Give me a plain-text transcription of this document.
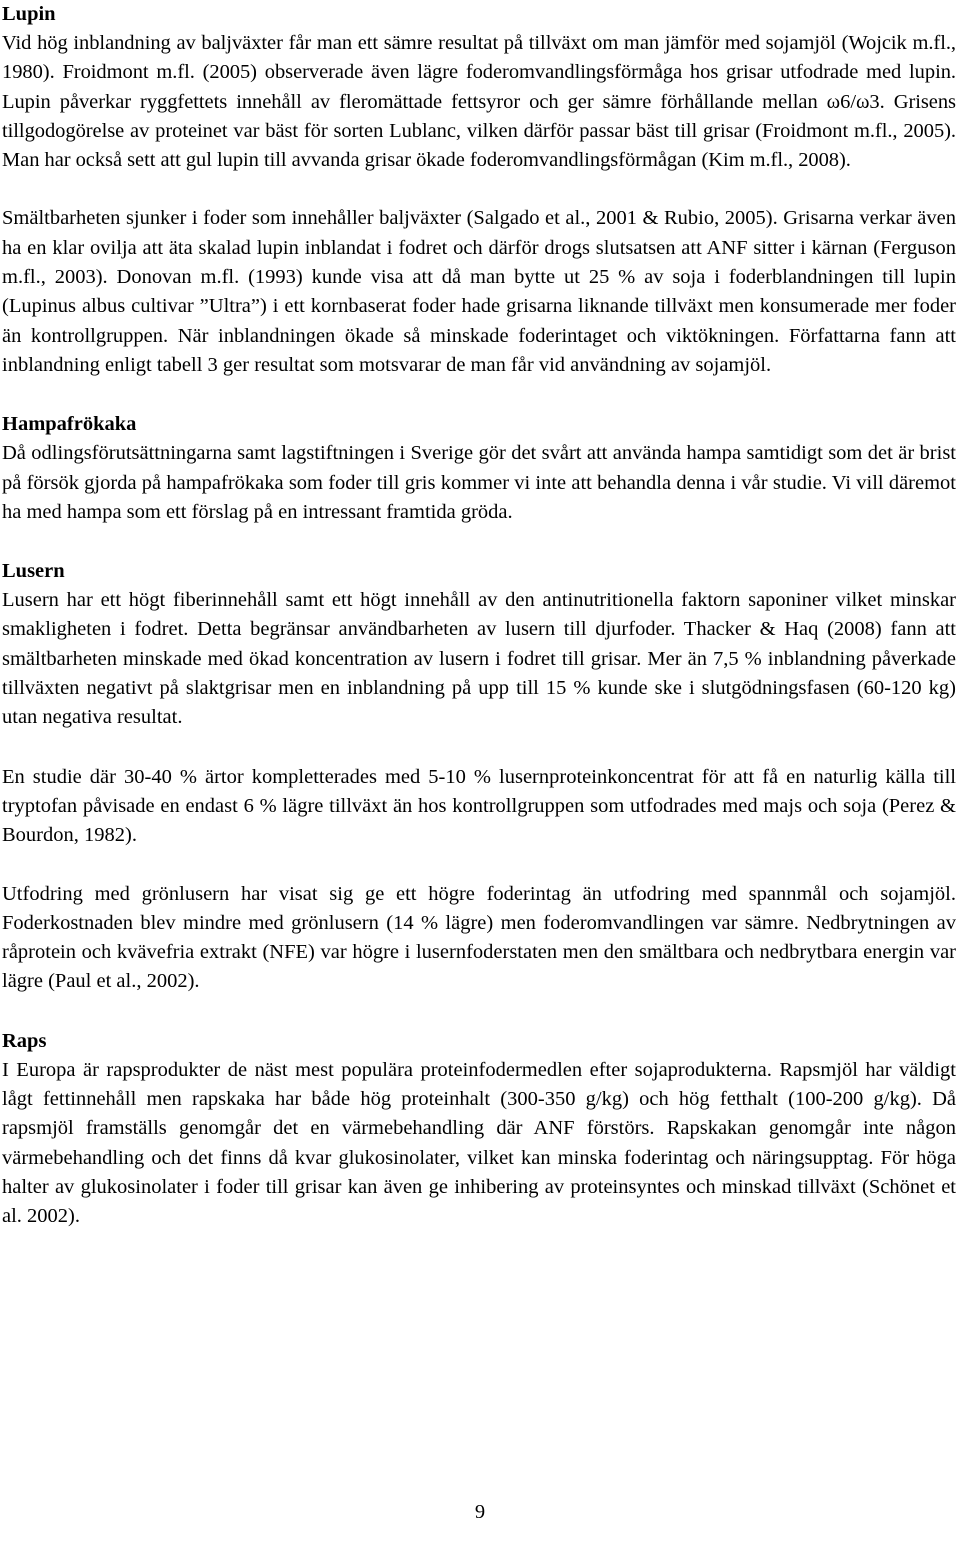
Lupin

Vid hög inblandning av baljväxter får man ett sämre resultat på tillväxt om man jämför med sojamjöl (Wojcik m.fl., 1980). Froidmont m.fl. (2005) observerade även lägre foderomvandlingsförmåga hos grisar utfodrade med lupin. Lupin påverkar ryggfettets innehåll av fleromättade fettsyror och ger sämre förhållande mellan ω6/ω3. Grisens tillgodogörelse av proteinet var bäst för sorten Lublanc, vilken därför passar bäst till grisar (Froidmont m.fl., 2005). Man har också sett att gul lupin till avvanda grisar ökade foderomvandlingsförmågan (Kim m.fl., 2008).

Smältbarheten sjunker i foder som innehåller baljväxter (Salgado et al., 2001 & Rubio, 2005). Grisarna verkar även ha en klar ovilja att äta skalad lupin inblandat i fodret och därför drogs slutsatsen att ANF sitter i kärnan (Ferguson m.fl., 2003). Donovan m.fl. (1993) kunde visa att då man bytte ut 25 % av soja i foderblandningen till lupin (Lupinus albus cultivar ”Ultra”) i ett kornbaserat foder hade grisarna liknande tillväxt men konsumerade mer foder än kontrollgruppen. När inblandningen ökade så minskade foderintaget och viktökningen. Författarna fann att inblandning enligt tabell 3 ger resultat som motsvarar de man får vid användning av sojamjöl.

Hampafrökaka

Då odlingsförutsättningarna samt lagstiftningen i Sverige gör det svårt att använda hampa samtidigt som det är brist på försök gjorda på hampafrökaka som foder till gris kommer vi inte att behandla denna i vår studie. Vi vill däremot ha med hampa som ett förslag på en intressant framtida gröda.

Lusern

Lusern har ett högt fiberinnehåll samt ett högt innehåll av den antinutritionella faktorn saponiner vilket minskar smakligheten i fodret. Detta begränsar användbarheten av lusern till djurfoder. Thacker & Haq (2008) fann att smältbarheten minskade med ökad koncentration av lusern i fodret till grisar. Mer än 7,5 % inblandning påverkade tillväxten negativt på slaktgrisar men en inblandning på upp till 15 % kunde ske i slutgödningsfasen (60-120 kg) utan negativa resultat.

En studie där 30-40 % ärtor kompletterades med 5-10 % lusernproteinkoncentrat för att få en naturlig källa till tryptofan påvisade en endast 6 % lägre tillväxt än hos kontrollgruppen som utfodrades med majs och soja (Perez & Bourdon, 1982).

Utfodring med grönlusern har visat sig ge ett högre foderintag än utfodring med spannmål och sojamjöl. Foderkostnaden blev mindre med grönlusern (14 % lägre) men foderomvandlingen var sämre. Nedbrytningen av råprotein och kvävefria extrakt (NFE) var högre i lusernfoderstaten men den smältbara och nedbrytbara energin var lägre (Paul et al., 2002).

Raps

I Europa är rapsprodukter de näst mest populära proteinfodermedlen efter sojaprodukterna. Rapsmjöl har väldigt lågt fettinnehåll men rapskaka har både hög proteinhalt (300-350 g/kg) och hög fetthalt (100-200 g/kg). Då rapsmjöl framställs genomgår det en värmebehandling där ANF förstörs. Rapskakan genomgår inte någon värmebehandling och det finns då kvar glukosinolater, vilket kan minska foderintag och näringsupptag. För höga halter av glukosinolater i foder till grisar kan även ge inhibering av proteinsyntes och minskad tillväxt (Schönet et al. 2002).

9
